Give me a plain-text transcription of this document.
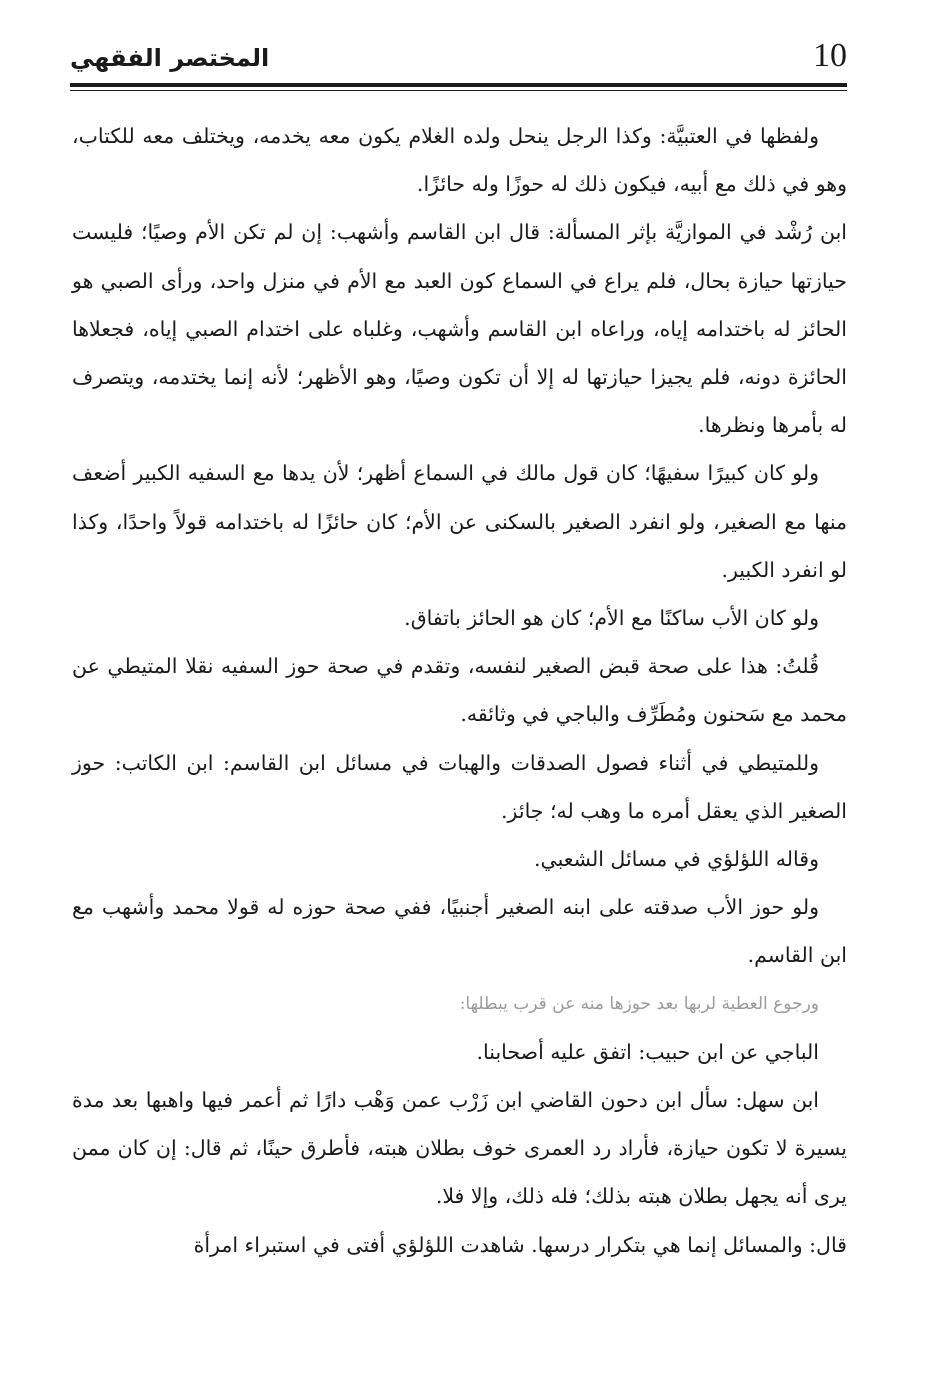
10
المختصر الفقهي

ولفظها في العتبيَّة: وكذا الرجل ينحل ولده الغلام يكون معه يخدمه، ويختلف معه للكتاب، وهو في ذلك مع أبيه، فيكون ذلك له حوزًا وله حائزًا.

ابن رُشْد في الموازيَّة بإثر المسألة: قال ابن القاسم وأشهب: إن لم تكن الأم وصيًا؛ فليست حيازتها حيازة بحال، فلم يراع في السماع كون العبد مع الأم في منزل واحد، ورأى الصبي هو الحائز له باختدامه إياه، وراعاه ابن القاسم وأشهب، وغلباه على اختدام الصبي إياه، فجعلاها الحائزة دونه، فلم يجيزا حيازتها له إلا أن تكون وصيًا، وهو الأظهر؛ لأنه إنما يختدمه، ويتصرف له بأمرها ونظرها.

ولو كان كبيرًا سفيهًا؛ كان قول مالك في السماع أظهر؛ لأن يدها مع السفيه الكبير أضعف منها مع الصغير، ولو انفرد الصغير بالسكنى عن الأم؛ كان حائزًا له باختدامه قولاً واحدًا، وكذا لو انفرد الكبير.

ولو كان الأب ساكنًا مع الأم؛ كان هو الحائز باتفاق.

قُلتُ: هذا على صحة قبض الصغير لنفسه، وتقدم في صحة حوز السفيه نقلا المتيطي عن محمد مع سَحنون ومُطَرِّف والباجي في وثائقه.

وللمتيطي في أثناء فصول الصدقات والهبات في مسائل ابن القاسم: ابن الكاتب: حوز الصغير الذي يعقل أمره ما وهب له؛ جائز.

وقاله اللؤلؤي في مسائل الشعبي.

ولو حوز الأب صدقته على ابنه الصغير أجنبيًا، ففي صحة حوزه له قولا محمد وأشهب مع ابن القاسم.

ورجوع العطية لربها بعد حوزها منه عن قرب يبطلها:

الباجي عن ابن حبيب: اتفق عليه أصحابنا.

ابن سهل: سأل ابن دحون القاضي ابن زَرْب عمن وَهْب دارًا ثم أعمر فيها واهبها بعد مدة يسيرة لا تكون حيازة، فأراد رد العمرى خوف بطلان هبته، فأطرق حينًا، ثم قال: إن كان ممن يرى أنه يجهل بطلان هبته بذلك؛ فله ذلك، وإلا فلا.

قال: والمسائل إنما هي بتكرار درسها. شاهدت اللؤلؤي أفتى في استبراء امرأة
